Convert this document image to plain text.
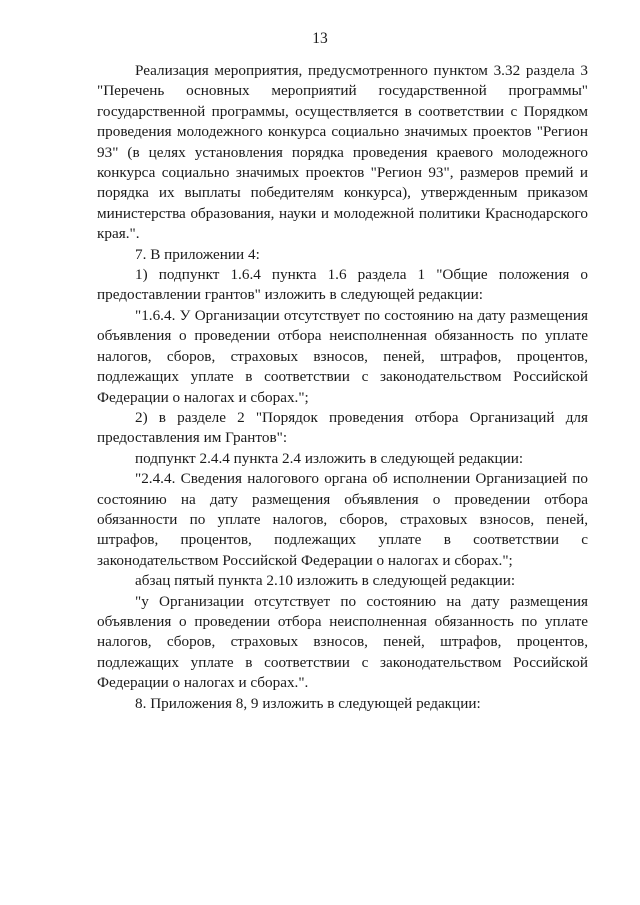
13

Реализация мероприятия, предусмотренного пунктом 3.32 раздела 3 "Перечень основных мероприятий государственной программы" государственной программы, осуществляется в соответствии с Порядком проведения молодежного конкурса социально значимых проектов "Регион 93" (в целях установления порядка проведения краевого молодежного конкурса социально значимых проектов "Регион 93", размеров премий и порядка их выплаты победителям конкурса), утвержденным приказом министерства образования, науки и молодежной политики Краснодарского края.".

7. В приложении 4:

1) подпункт 1.6.4 пункта 1.6 раздела 1 "Общие положения о предоставлении грантов" изложить в следующей редакции:

"1.6.4. У Организации отсутствует по состоянию на дату размещения объявления о проведении отбора неисполненная обязанность по уплате налогов, сборов, страховых взносов, пеней, штрафов, процентов, подлежащих уплате в соответствии с законодательством Российской Федерации о налогах и сборах.";

2) в разделе 2 "Порядок проведения отбора Организаций для предоставления им Грантов":

подпункт 2.4.4 пункта 2.4 изложить в следующей редакции:

"2.4.4. Сведения налогового органа об исполнении Организацией по состоянию на дату размещения объявления о проведении отбора обязанности по уплате налогов, сборов, страховых взносов, пеней, штрафов, процентов, подлежащих уплате в соответствии с законодательством Российской Федерации о налогах и сборах.";

абзац пятый пункта 2.10 изложить в следующей редакции:

"у Организации отсутствует по состоянию на дату размещения объявления о проведении отбора неисполненная обязанность по уплате налогов, сборов, страховых взносов, пеней, штрафов, процентов, подлежащих уплате в соответствии с законодательством Российской Федерации о налогах и сборах.".

8. Приложения 8, 9 изложить в следующей редакции:
